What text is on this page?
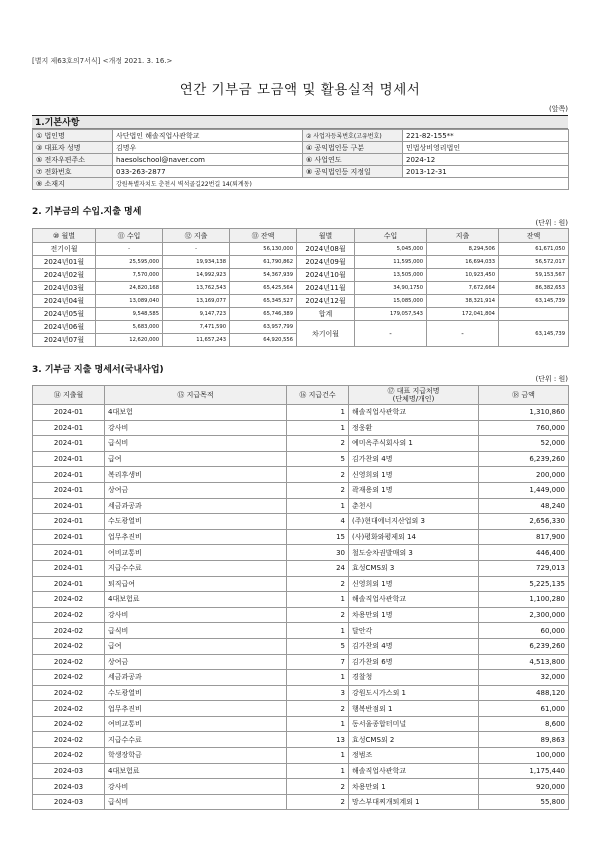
[별지 제63호의7서식] <개정 2021. 3. 16.>
연간 기부금 모금액 및 활용실적 명세서
(앞쪽)
1.기본사항
① 법인명	사단법인 해솔직업사관학교	② 사업자등록번호(고유번호)	221-82-155**
③ 대표자 성명	김명우	④ 공익법인등 구분	민법상비영리법인
⑤ 전자우편주소	haesolschool@naver.com	⑥ 사업연도	2024-12
⑦ 전화번호	033-263-2877	⑧ 공익법인등 지정일	2013-12-31
⑨ 소재지	강원특별자치도 춘천시 벽석골길22번길 14(퇴계동)		
2. 기부금의 수입.지출 명세
(단위 : 원)
⑩ 월별	⑪ 수입	⑫ 지출	⑬ 잔액	월별	수입	지출	잔액
전기이월	-	-	56,130,000	2024년08월	5,045,000	8,294,506	61,671,050
2024년01월	25,595,000	19,934,138	61,790,862	2024년09월	11,595,000	16,694,033	56,572,017
2024년02월	7,570,000	14,992,923	54,367,939	2024년10월	13,505,000	10,923,450	59,153,567
2024년03월	24,820,168	13,762,543	65,425,564	2024년11월	34,90,1750	7,672,664	86,382,653
2024년04월	13,089,040	13,169,077	65,345,527	2024년12월	15,085,000	38,321,914	63,145,739
2024년05월	9,548,585	9,147,723	65,746,389	합계	179,057,543	172,041,804	
2024년06월	5,683,000	7,471,590	63,957,799	차기이월	-	-	63,145,739
2024년07월	12,620,000	11,657,243	64,920,556				
3. 기부금 지출 명세서(국내사업)
(단위 : 원)
⑭ 지출월	⑮ 지급목적	⑯ 지급건수	⑰ 대표 지급처명
(단체명/개인)	⑱ 금액
2024-01	4대보험	1	해솔직업사관학교	1,310,860
2024-01	강사비	1	정웅환	760,000
2024-01	급식비	2	예미옥주식회사외 1	52,000
2024-01	급여	5	김가찬외 4명	6,239,260
2024-01	복리후생비	2	신영희외 1명	200,000
2024-01	상여금	2	곽재용외 1명	1,449,000
2024-01	세금과공과	1	춘천시	48,240
2024-01	수도광열비	4	(주)현대에너지산업외 3	2,656,330
2024-01	업무추진비	15	(사)평화와평제외 14	817,900
2024-01	여비교통비	30	철도승차권발매외 3	446,400
2024-01	지급수수료	24	효성CMS외 3	729,013
2024-01	퇴직급여	2	신영희외 1명	5,225,135
2024-02	4대보험료	1	해솔직업사관학교	1,100,280
2024-02	강사비	2	차용만외 1명	2,300,000
2024-02	급식비	1	달안각	60,000
2024-02	급여	5	김가찬외 4명	6,239,260
2024-02	상여금	7	김가찬외 6명	4,513,800
2024-02	세금과공과	1	경찰청	32,000
2024-02	수도광열비	3	강원도시가스외 1	488,120
2024-02	업무추진비	2	행복반점외 1	61,000
2024-02	여비교통비	1	동서울종합터미널	8,600
2024-02	지급수수료	13	효성CMS외 2	89,863
2024-02	학생장학금	1	정범조	100,000
2024-03	4대보험료	1	해솔직업사관학교	1,175,440
2024-03	강사비	2	차용만외 1	920,000
2024-03	급식비	2	망스부대찌개퇴계외 1	55,800
